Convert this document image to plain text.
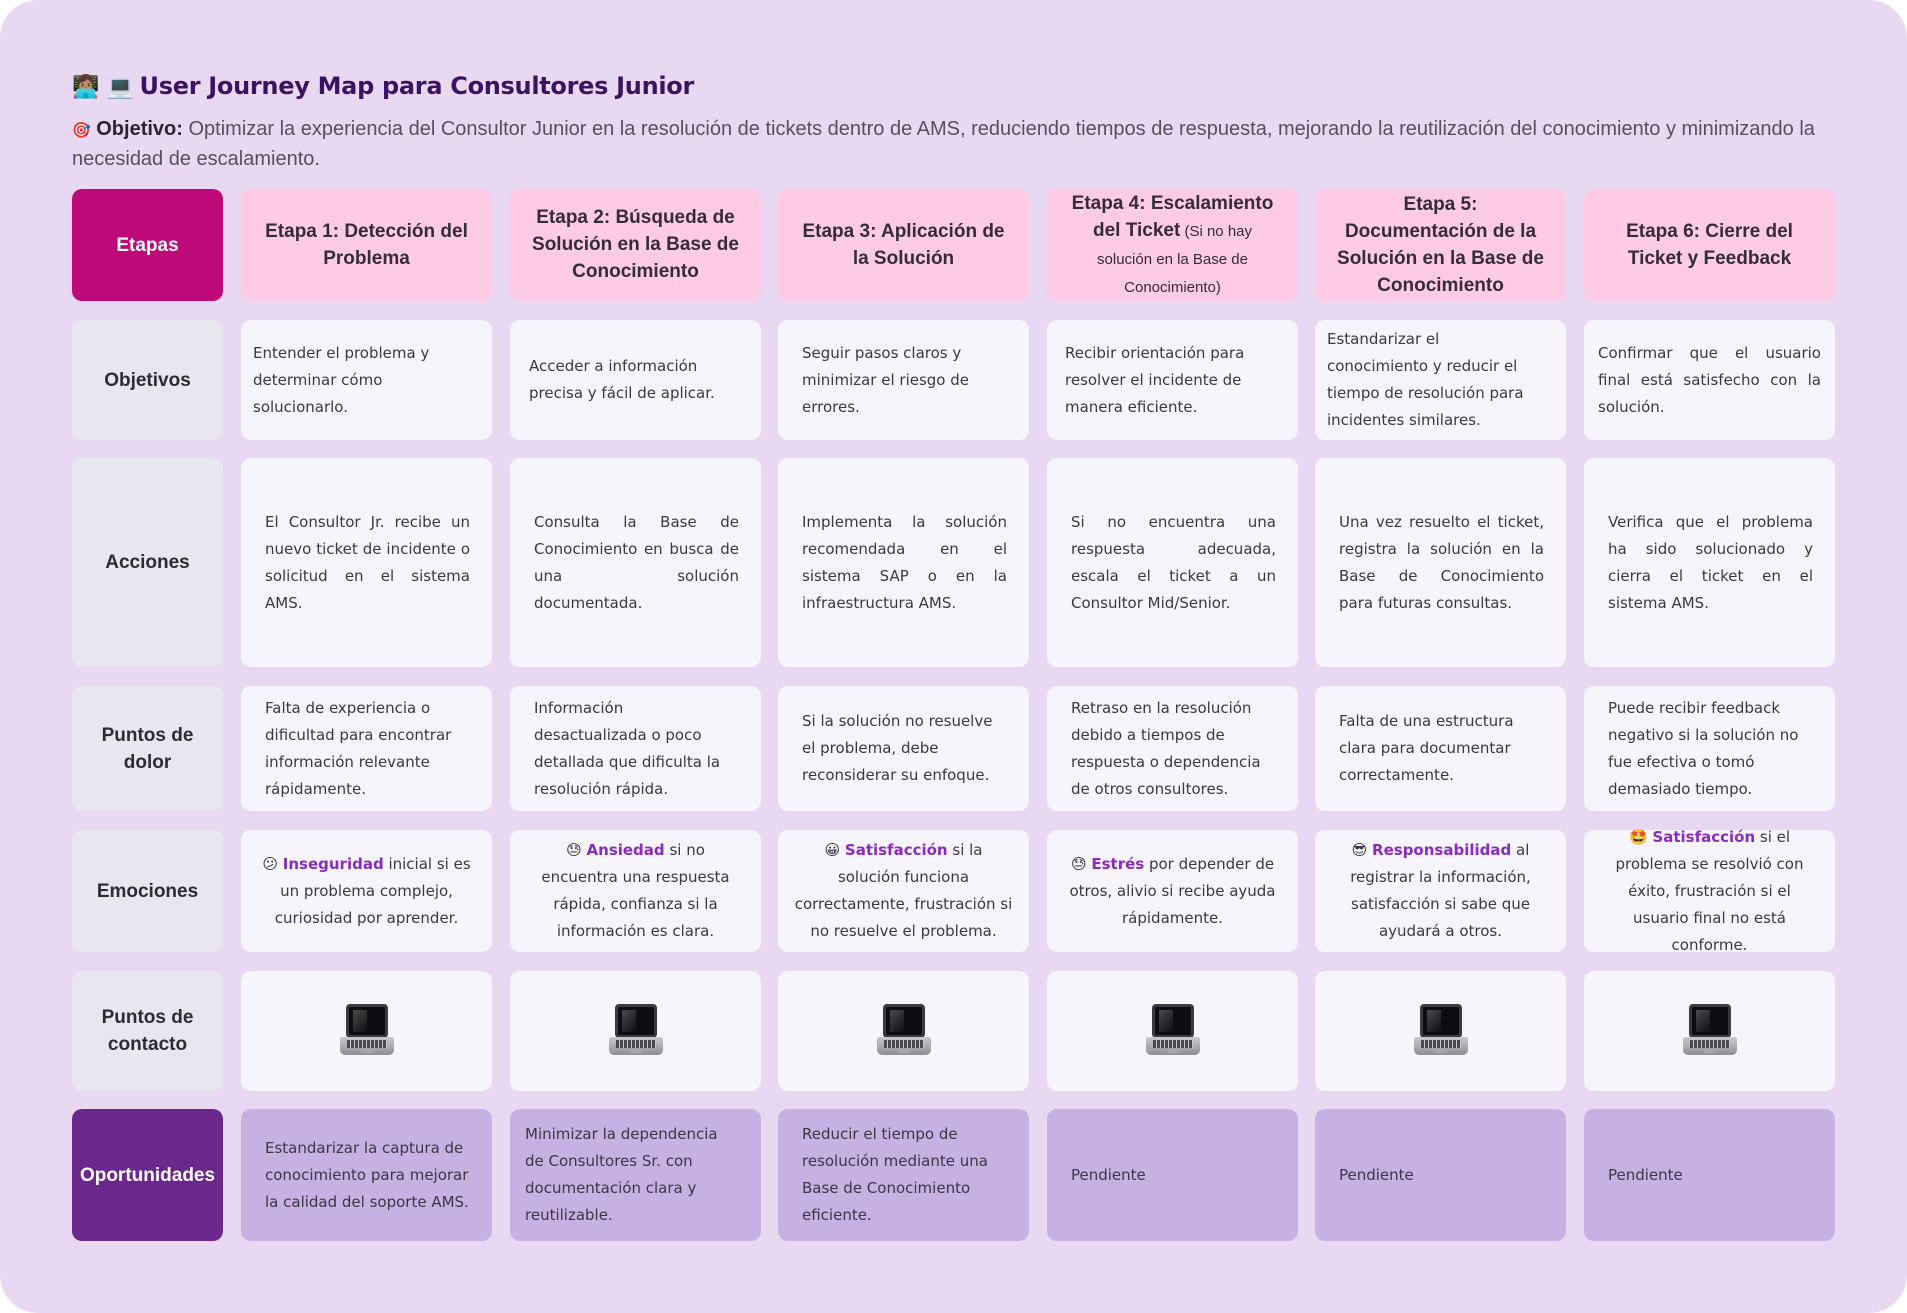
👩🏽‍💻 💻 User Journey Map para Consultores Junior
🎯 Objetivo: Optimizar la experiencia del Consultor Junior en la resolución de tickets dentro de AMS, reduciendo tiempos de respuesta, mejorando la reutilización del conocimiento y minimizando la necesidad de escalamiento.
Etapas
Objetivos
Acciones
Puntos de dolor
Emociones
Puntos de contacto
Oportunidades
Etapa 1: Detección del Problema
Etapa 2: Búsqueda de Solución en la Base de Conocimiento
Etapa 3: Aplicación de la Solución
Etapa 4: Escalamiento del Ticket (Si no hay solución en la Base de Conocimiento)
Etapa 5: Documentación de la Solución en la Base de Conocimiento
Etapa 6: Cierre del Ticket y Feedback
Entender el problema y determinar cómo solucionarlo.
Acceder a información precisa y fácil de aplicar.
Seguir pasos claros y minimizar el riesgo de errores.
Recibir orientación para resolver el incidente de manera eficiente.
Estandarizar el conocimiento y reducir el tiempo de resolución para incidentes similares.
Confirmar que el usuario final está satisfecho con la solución.
El Consultor Jr. recibe un nuevo ticket de incidente o solicitud en el sistema AMS.
Consulta la Base de Conocimiento en busca de una solución documentada.
Implementa la solución recomendada en el sistema SAP o en la infraestructura AMS.
Si no encuentra una respuesta adecuada, escala el ticket a un Consultor Mid/Senior.
Una vez resuelto el ticket, registra la solución en la Base de Conocimiento para futuras consultas.
Verifica que el problema ha sido solucionado y cierra el ticket en el sistema AMS.
Falta de experiencia o dificultad para encontrar información relevante rápidamente.
Información desactualizada o poco detallada que dificulta la resolución rápida.
Si la solución no resuelve el problema, debe reconsiderar su enfoque.
Retraso en la resolución debido a tiempos de respuesta o dependencia de otros consultores.
Falta de una estructura clara para documentar correctamente.
Puede recibir feedback negativo si la solución no fue efectiva o tomó demasiado tiempo.
😕 Inseguridad inicial si es un problema complejo, curiosidad por aprender.
😓 Ansiedad si no encuentra una respuesta rápida, confianza si la información es clara.
😀 Satisfacción si la solución funciona correctamente, frustración si no resuelve el problema.
😓 Estrés por depender de otros, alivio si recibe ayuda rápidamente.
😎 Responsabilidad al registrar la información, satisfacción si sabe que ayudará a otros.
🤩 Satisfacción si el problema se resolvió con éxito, frustración si el usuario final no está conforme.
Estandarizar la captura de conocimiento para mejorar la calidad del soporte AMS.
Minimizar la dependencia de Consultores Sr. con documentación clara y reutilizable.
Reducir el tiempo de resolución mediante una Base de Conocimiento eficiente.
Pendiente	Pendiente	Pendiente
